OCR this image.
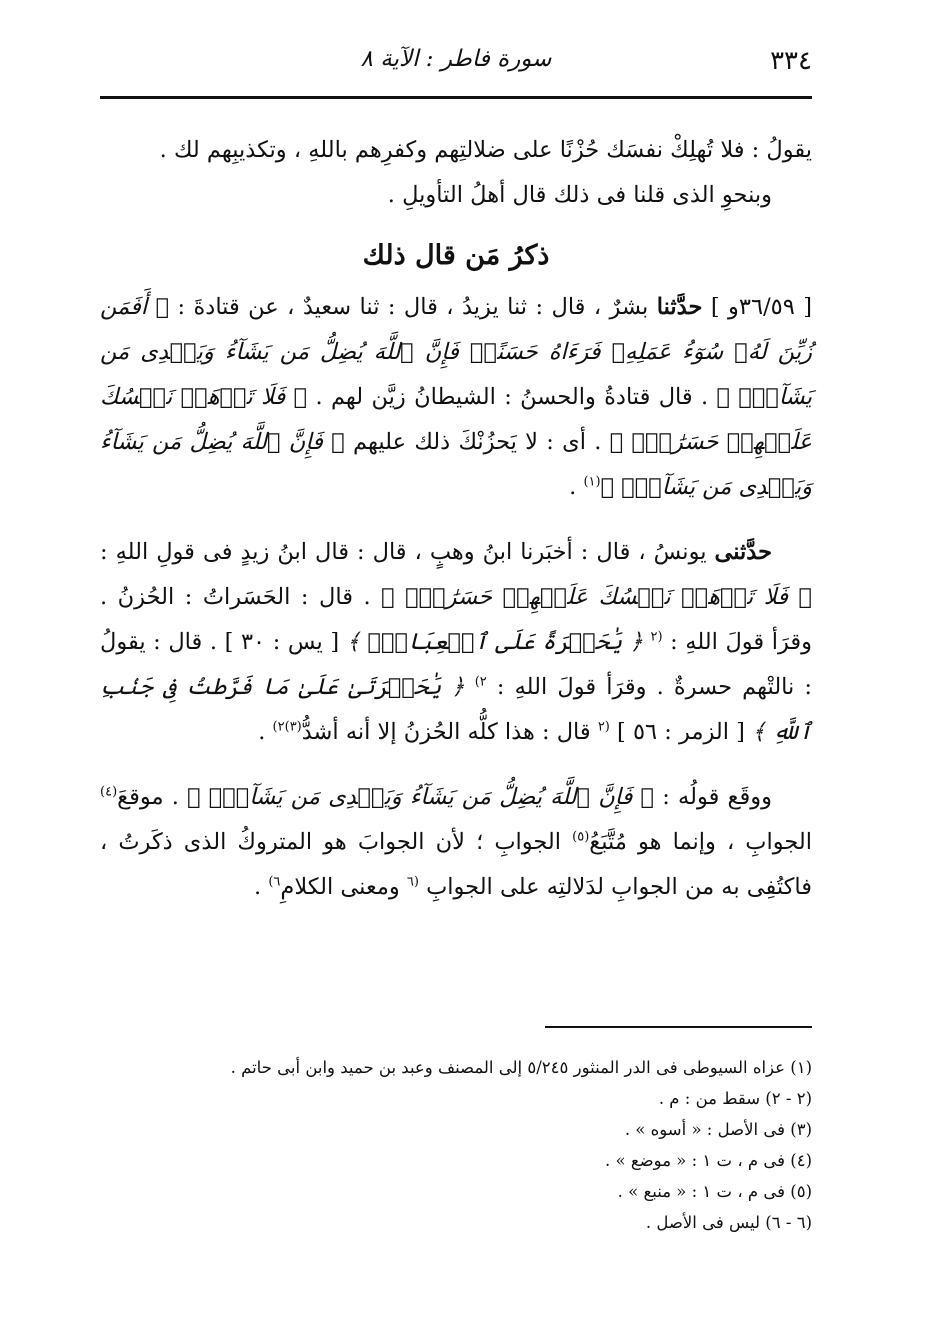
٣٣٤
سورة فاطر : الآية ٨

يقولُ : فلا تُهلِكْ نفسَك حُزْنًا على ضلالتِهم وكفرِهم باللهِ ، وتكذيبِهم لك .

وبنحوِ الذى قلنا فى ذلك قال أهلُ التأويلِ .

ذكرُ مَن قال ذلك

[ ٣٦/٥٩و ] حدَّثنا بشرٌ ، قال : ثنا يزيدُ ، قال : ثنا سعيدٌ ، عن قتادةَ : ﴿ أَفَمَن زُيِّنَ لَهُۥ سُوٓءُ عَمَلِهِۦ فَرَءَاهُ حَسَنًاۖ فَإِنَّ ٱللَّهَ يُضِلُّ مَن يَشَآءُ وَيَهۡدِى مَن يَشَآءُۖ ﴾ . قال قتادةُ والحسنُ : الشيطانُ زيَّن لهم . ﴿ فَلَا تَذۡهَبۡ نَفۡسُكَ عَلَيۡهِمۡ حَسَرَٰتٍۚ ﴾ . أى : لا يَحزُنْكَ ذلك عليهم ﴿ فَإِنَّ ٱللَّهَ يُضِلُّ مَن يَشَآءُ وَيَهۡدِى مَن يَشَآءُۖ ﴾$^{(١)}$ .

حدَّثنى يونسُ ، قال : أخبَرنا ابنُ وهبٍ ، قال : قال ابنُ زيدٍ فى قولِ اللهِ : ﴿ فَلَا تَذۡهَبۡ نَفۡسُكَ عَلَيۡهِمۡ حَسَرَٰتٍۚ ﴾ . قال : الحَسَراتُ : الحُزنُ . وقرَأ قولَ اللهِ : $^{(٢}$ ﴿ يَٰحَسۡرَةً عَلَى ٱلۡعِبَادِۚ ﴾ [ يس : ٣٠ ] . قال : يقولُ : نالتْهم حسرةٌ . وقرَأ قولَ اللهِ : $^{٢)}$ ﴿ يَٰحَسۡرَتَىٰ عَلَىٰ مَا فَرَّطتُ فِى جَنۢبِ ٱللَّهِ ﴾ [ الزمر : ٥٦ ] $^{(٢}$ قال : هذا كلُّه الحُزنُ إلا أنه أشدُّ$^{(٣)٢)}$ .

ووقَع قولُه : ﴿ فَإِنَّ ٱللَّهَ يُضِلُّ مَن يَشَآءُ وَيَهۡدِى مَن يَشَآءُۖ ﴾ . موقعَ$^{(٤)}$ الجوابِ ، وإنما هو مُتَّبَعُ$^{(٥)}$ الجوابِ ؛ لأن الجوابَ هو المتروكُ الذى ذكَرتُ ، فاكتُفِى به من الجوابِ لدَلالتِه على الجوابِ $^{(٦}$ ومعنى الكلامِ$^{٦)}$ .

(١) عزاه السيوطى فى الدر المنثور ٥/٢٤٥ إلى المصنف وعبد بن حميد وابن أبى حاتم .

(٢ - ٢) سقط من : م .

(٣) فى الأصل : « أسوه » .

(٤) فى م ، ت ١ : « موضع » .

(٥) فى م ، ت ١ : « منبع » .

(٦ - ٦) ليس فى الأصل .
